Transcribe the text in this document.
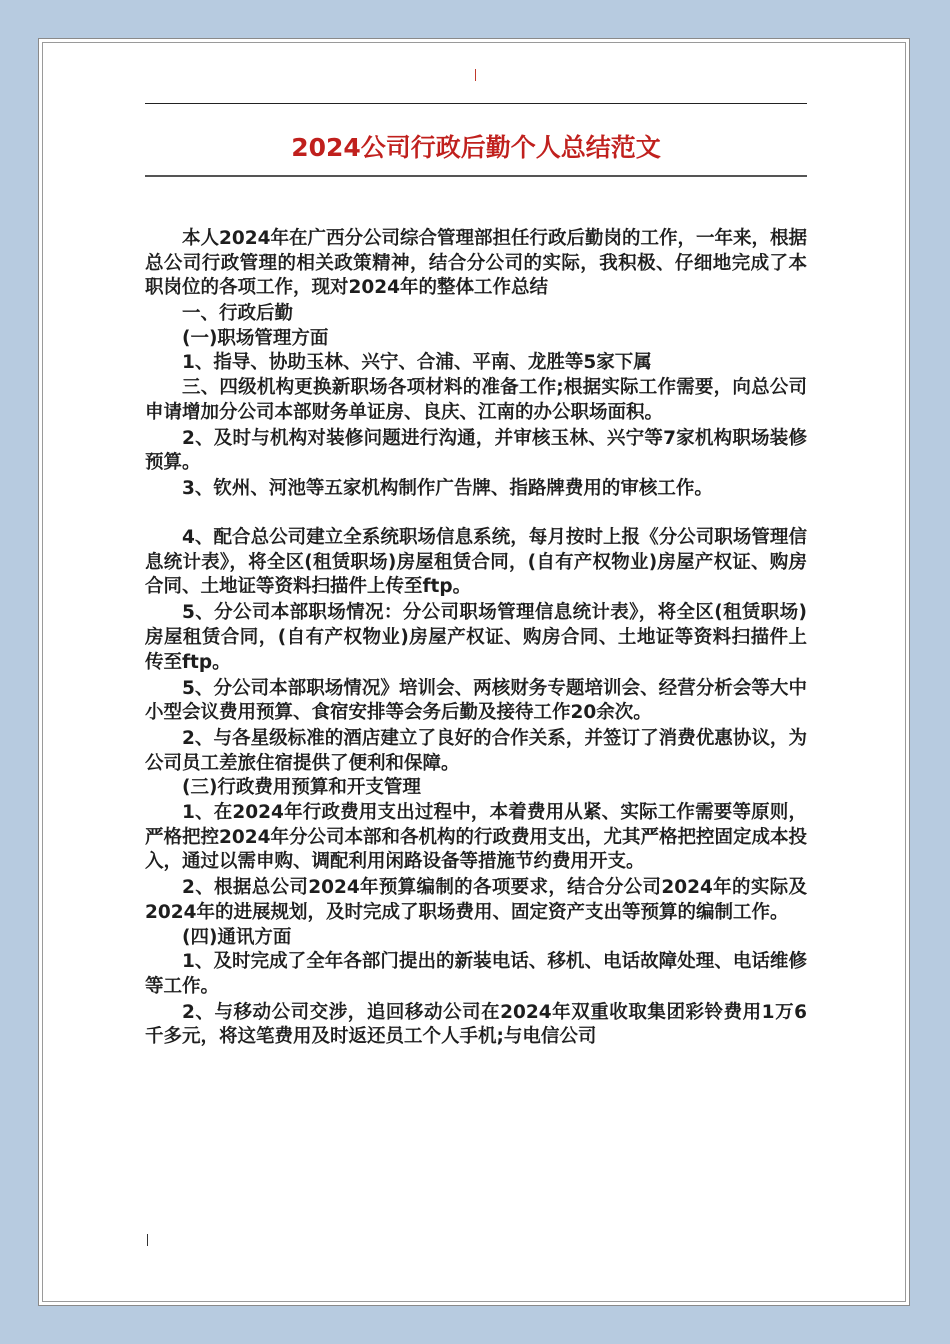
2024公司行政后勤个人总结范文

本人2024年在广西分公司综合管理部担任行政后勤岗的工作，一年来，根据总公司行政管理的相关政策精神，结合分公司的实际，我积极、仔细地完成了本职岗位的各项工作，现对2024年的整体工作总结

一、行政后勤

(一)职场管理方面

1、指导、协助玉林、兴宁、合浦、平南、龙胜等5家下属

三、四级机构更换新职场各项材料的准备工作;根据实际工作需要，向总公司申请增加分公司本部财务单证房、良庆、江南的办公职场面积。

2、及时与机构对装修问题进行沟通，并审核玉林、兴宁等7家机构职场装修预算。

3、钦州、河池等五家机构制作广告牌、指路牌费用的审核工作。

4、配合总公司建立全系统职场信息系统，每月按时上报《分公司职场管理信息统计表》，将全区(租赁职场)房屋租赁合同，(自有产权物业)房屋产权证、购房合同、土地证等资料扫描件上传至ftp。

5、分公司本部职场情况：分公司职场管理信息统计表》，将全区(租赁职场)房屋租赁合同，(自有产权物业)房屋产权证、购房合同、土地证等资料扫描件上传至ftp。

5、分公司本部职场情况》培训会、两核财务专题培训会、经营分析会等大中小型会议费用预算、食宿安排等会务后勤及接待工作20余次。

2、与各星级标准的酒店建立了良好的合作关系，并签订了消费优惠协议，为公司员工差旅住宿提供了便利和保障。

(三)行政费用预算和开支管理

1、在2024年行政费用支出过程中，本着费用从紧、实际工作需要等原则，严格把控2024年分公司本部和各机构的行政费用支出，尤其严格把控固定成本投入，通过以需申购、调配利用闲路设备等措施节约费用开支。

2、根据总公司2024年预算编制的各项要求，结合分公司2024年的实际及2024年的进展规划，及时完成了职场费用、固定资产支出等预算的编制工作。

(四)通讯方面

1、及时完成了全年各部门提出的新装电话、移机、电话故障处理、电话维修等工作。

2、与移动公司交涉，追回移动公司在2024年双重收取集团彩铃费用1万6千多元，将这笔费用及时返还员工个人手机;与电信公司
